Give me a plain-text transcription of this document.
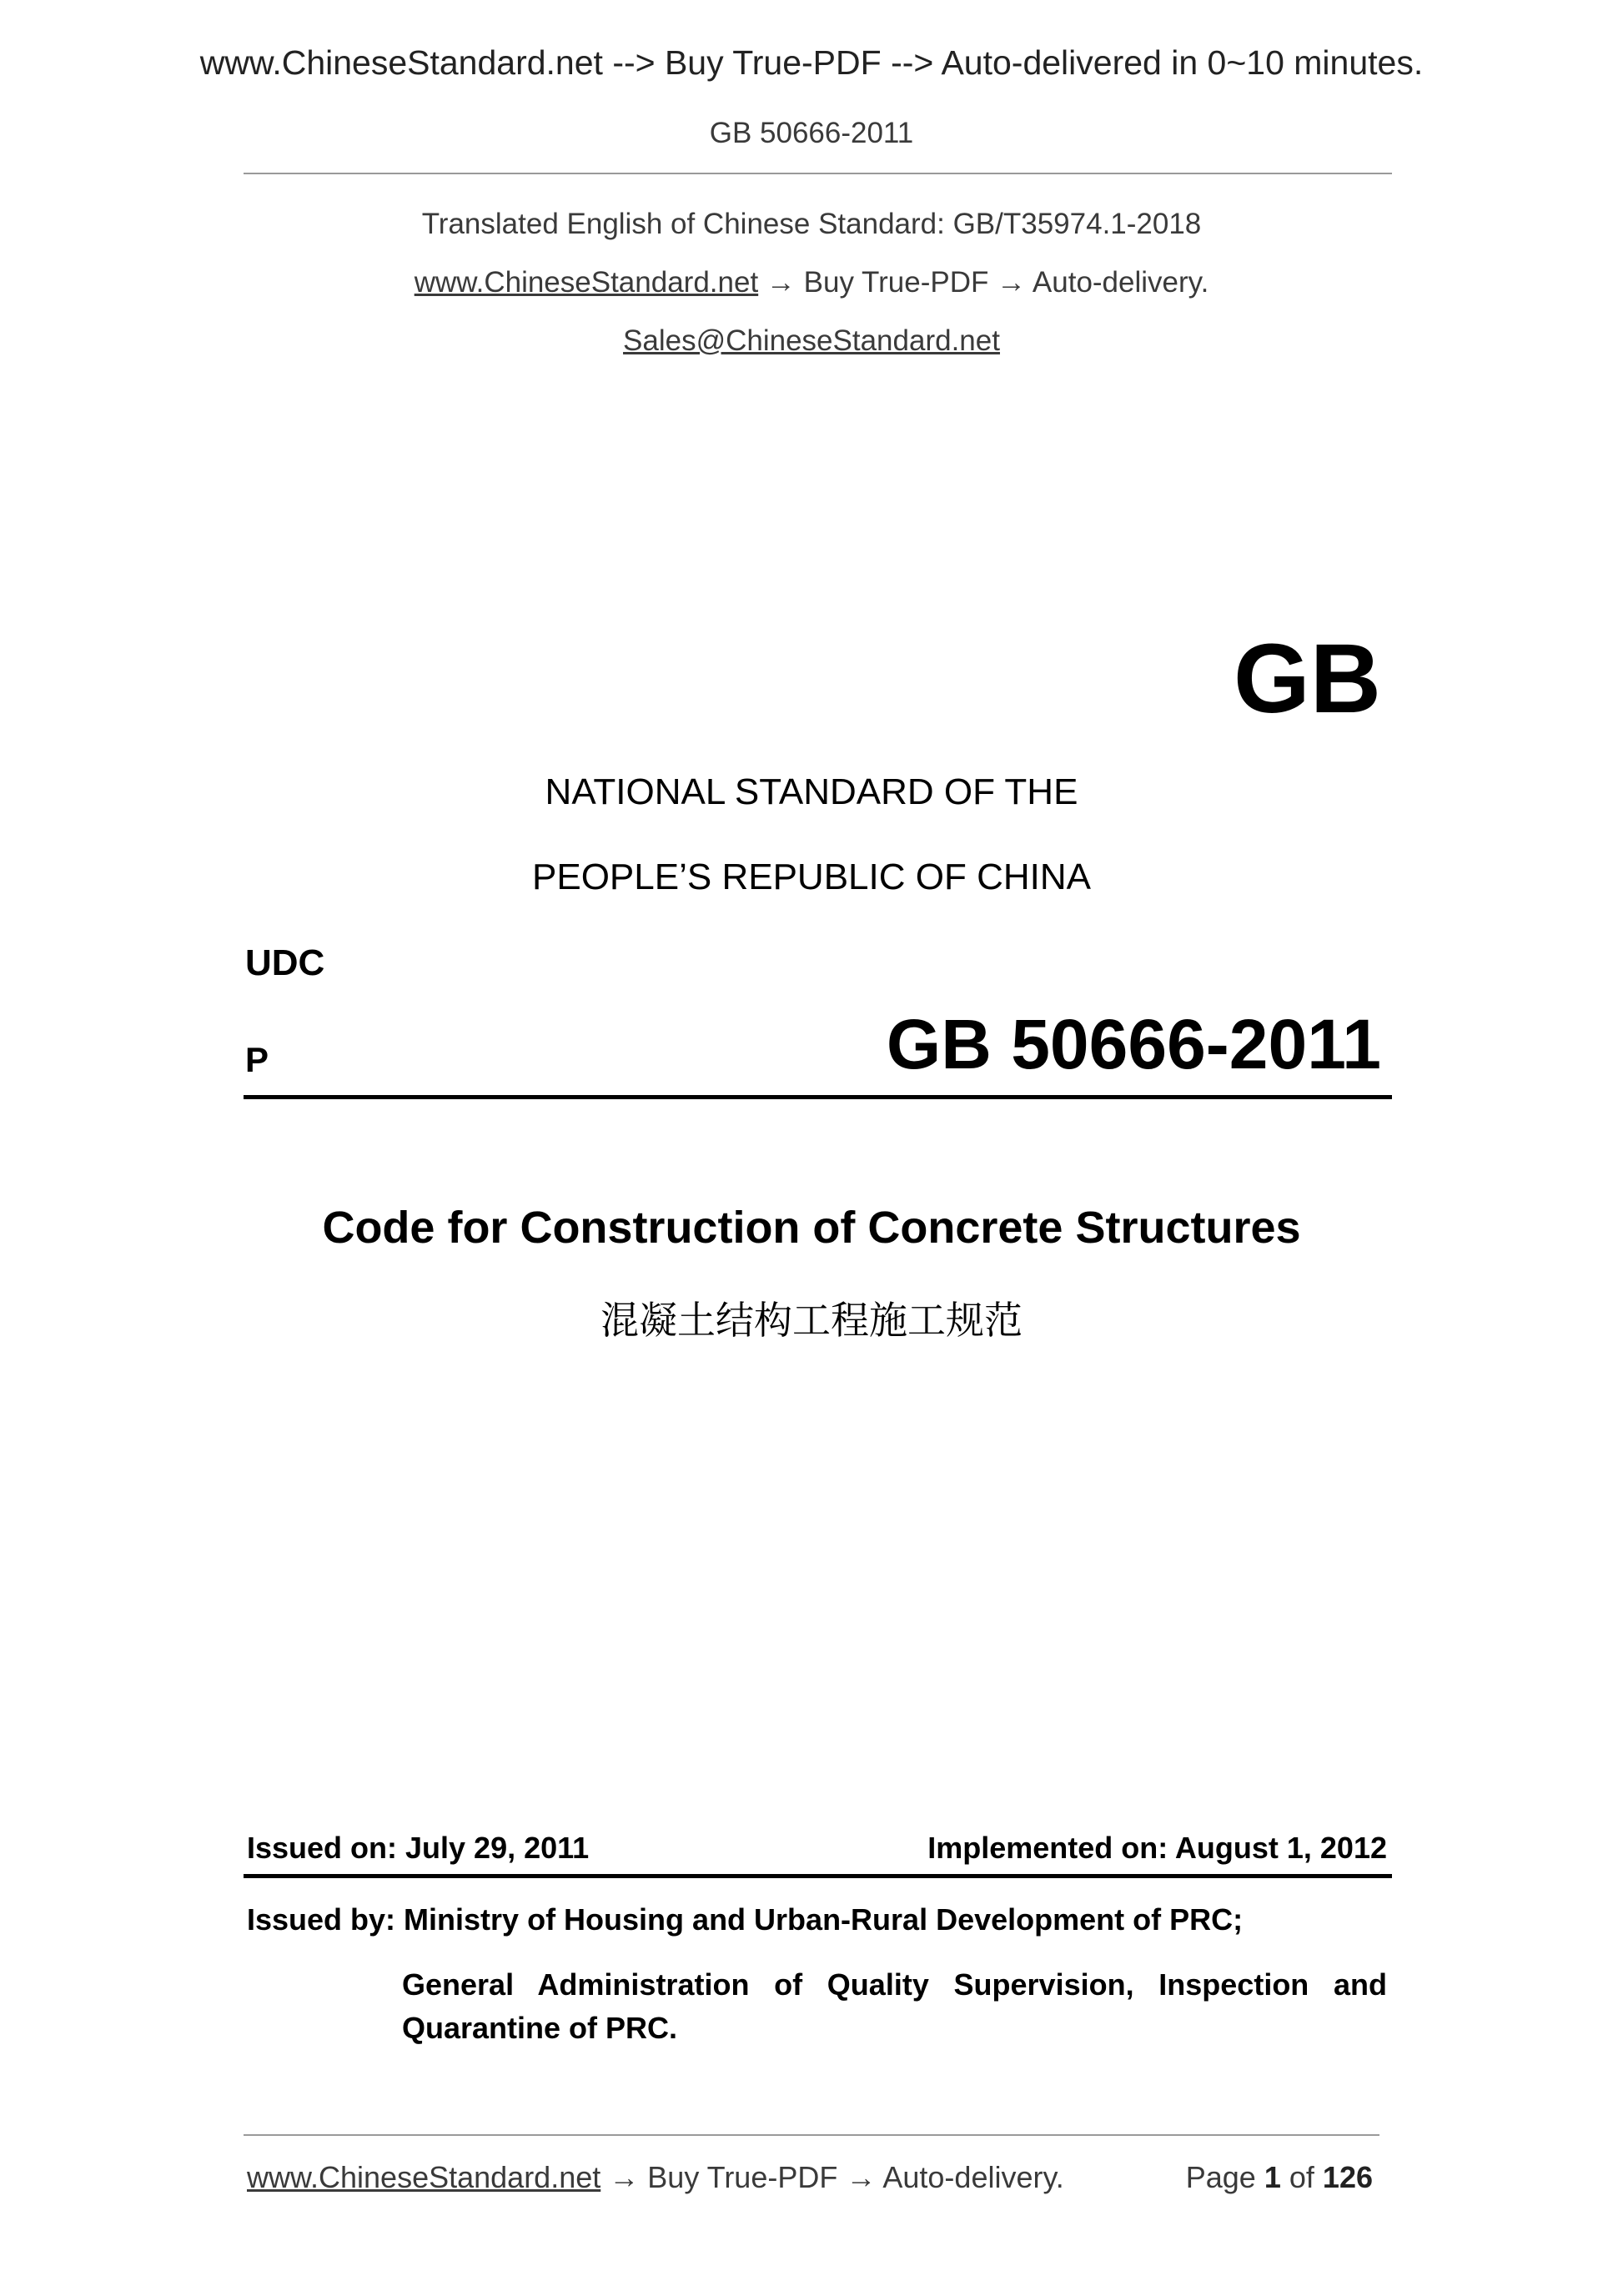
www.ChineseStandard.net --> Buy True-PDF --> Auto-delivered in 0~10 minutes.
GB 50666-2011
Translated English of Chinese Standard: GB/T35974.1-2018
www.ChineseStandard.net → Buy True-PDF → Auto-delivery.
Sales@ChineseStandard.net
GB
NATIONAL STANDARD OF THE
PEOPLE’S REPUBLIC OF CHINA
UDC
P	GB 50666-2011
Code for Construction of Concrete Structures
混凝土结构工程施工规范
Issued on: July 29, 2011	Implemented on: August 1, 2012
Issued by: Ministry of Housing and Urban-Rural Development of PRC;
General Administration of Quality Supervision, Inspection and
Quarantine of PRC.
www.ChineseStandard.net → Buy True-PDF → Auto-delivery.	Page 1 of 126
